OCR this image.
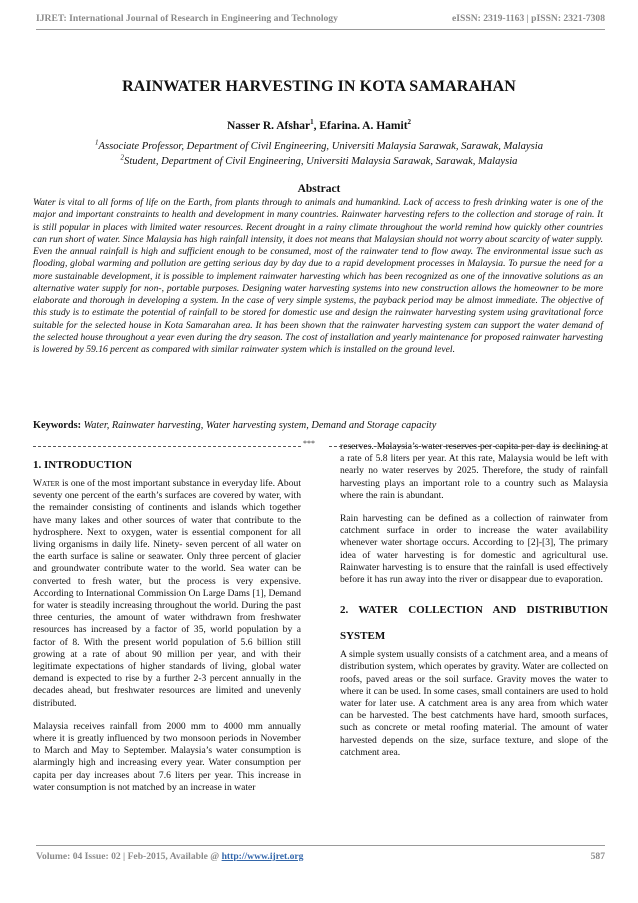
IJRET: International Journal of Research in Engineering and Technology	eISSN: 2319-1163 | pISSN: 2321-7308
RAINWATER HARVESTING IN KOTA SAMARAHAN
Nasser R. Afshar$^1$, Efarina. A. Hamit$^2$
$^1$Associate Professor, Department of Civil Engineering, Universiti Malaysia Sarawak, Sarawak, Malaysia
$^2$Student, Department of Civil Engineering, Universiti Malaysia Sarawak, Sarawak, Malaysia
Abstract

Water is vital to all forms of life on the Earth, from plants through to animals and humankind. Lack of access to fresh drinking water is one of the major and important constraints to health and development in many countries. Rainwater harvesting refers to the collection and storage of rain. It is still popular in places with limited water resources. Recent drought in a rainy climate throughout the world remind how quickly other countries can run short of water. Since Malaysia has high rainfall intensity, it does not means that Malaysian should not worry about scarcity of water supply. Even the annual rainfall is high and sufficient enough to be consumed, most of the rainwater tend to flow away. The environmental issue such as flooding, global warming and pollution are getting serious day by day due to a rapid development processes in Malaysia. To pursue the need for a more sustainable development, it is possible to implement rainwater harvesting which has been recognized as one of the innovative solutions as an alternative water supply for non-, portable purposes. Designing water harvesting systems into new construction allows the homeowner to be more elaborate and thorough in developing a system. In the case of very simple systems, the payback period may be almost immediate. The objective of this study is to estimate the potential of rainfall to be stored for domestic use and design the rainwater harvesting system using gravitational force suitable for the selected house in Kota Samarahan area. It has been shown that the rainwater harvesting system can support the water demand of the selected house throughout a year even during the dry season. The cost of installation and yearly maintenance for proposed rainwater harvesting is lowered by 59.16 percent as compared with similar rainwater system which is installed on the ground level.

Keywords: Water, Rainwater harvesting, Water harvesting system, Demand and Storage capacity
***
1. INTRODUCTION

Water is one of the most important substance in everyday life. About seventy one percent of the earth’s surfaces are covered by water, with the remainder consisting of continents and islands which together have many lakes and other sources of water that contribute to the hydrosphere. Next to oxygen, water is essential component for all living organisms in daily life. Ninety- seven percent of all water on the earth surface is saline or seawater. Only three percent of glacier and groundwater contribute water to the world. Sea water can be converted to fresh water, but the process is very expensive. According to International Commission On Large Dams [1], Demand for water is steadily increasing throughout the world. During the past three centuries, the amount of water withdrawn from freshwater resources has increased by a factor of 35, world population by a factor of 8. With the present world population of 5.6 billion still growing at a rate of about 90 million per year, and with their legitimate expectations of higher standards of living, global water demand is expected to rise by a further 2-3 percent annually in the decades ahead, but freshwater resources are limited and unevenly distributed.

Malaysia receives rainfall from 2000 mm to 4000 mm annually where it is greatly influenced by two monsoon periods in November to March and May to September. Malaysia’s water consumption is alarmingly high and increasing every year. Water consumption per capita per day increases about 7.6 liters per year. This increase in water consumption is not matched by an increase in water

reserves. Malaysia’s water reserves per capita per day is declining at a rate of 5.8 liters per year. At this rate, Malaysia would be left with nearly no water reserves by 2025. Therefore, the study of rainfall harvesting plays an important role to a country such as Malaysia where the rain is abundant.

Rain harvesting can be defined as a collection of rainwater from catchment surface in order to increase the water availability whenever water shortage occurs. According to [2]-[3], The primary idea of water harvesting is for domestic and agricultural use. Rainwater harvesting is to ensure that the rainfall is used effectively before it has run away into the river or disappear due to evaporation.

2. WATER COLLECTION AND DISTRIBUTION SYSTEM

A simple system usually consists of a catchment area, and a means of distribution system, which operates by gravity. Water are collected on roofs, paved areas or the soil surface. Gravity moves the water to where it can be used. In some cases, small containers are used to hold water for later use. A catchment area is any area from which water can be harvested. The best catchments have hard, smooth surfaces, such as concrete or metal roofing material. The amount of water harvested depends on the size, surface texture, and slope of the catchment area.

Volume: 04 Issue: 02 | Feb-2015, Available @ http://www.ijret.org	587
